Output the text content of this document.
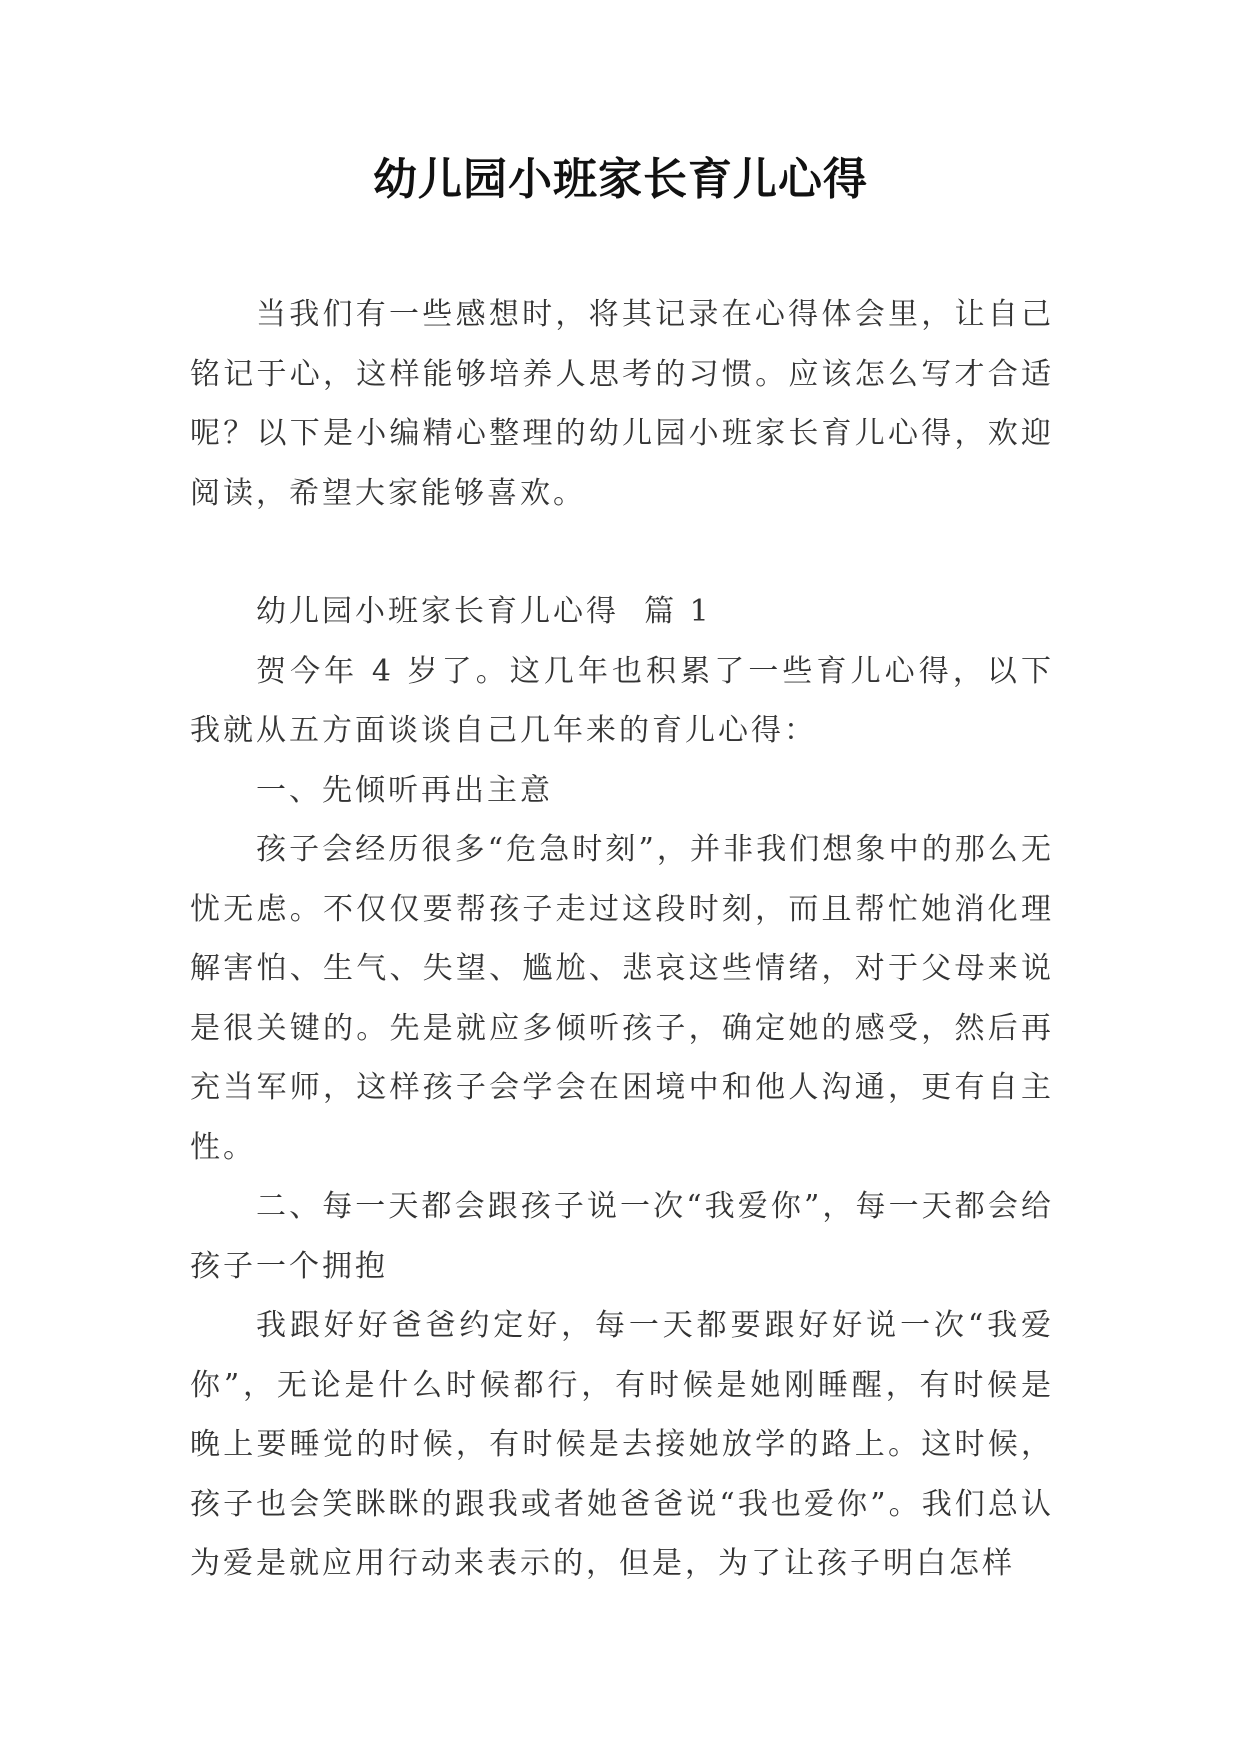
幼儿园小班家长育儿心得

当我们有一些感想时，将其记录在心得体会里，让自己铭记于心，这样能够培养人思考的习惯。应该怎么写才合适呢？以下是小编精心整理的幼儿园小班家长育儿心得，欢迎阅读，希望大家能够喜欢。

幼儿园小班家长育儿心得  篇 1

贺今年 4 岁了。这几年也积累了一些育儿心得，以下我就从五方面谈谈自己几年来的育儿心得：

一、先倾听再出主意

孩子会经历很多“危急时刻”，并非我们想象中的那么无忧无虑。不仅仅要帮孩子走过这段时刻，而且帮忙她消化理解害怕、生气、失望、尴尬、悲哀这些情绪，对于父母来说是很关键的。先是就应多倾听孩子，确定她的感受，然后再充当军师，这样孩子会学会在困境中和他人沟通，更有自主性。

二、每一天都会跟孩子说一次“我爱你”，每一天都会给孩子一个拥抱

我跟好好爸爸约定好，每一天都要跟好好说一次“我爱你”，无论是什么时候都行，有时候是她刚睡醒，有时候是晚上要睡觉的时候，有时候是去接她放学的路上。这时候，孩子也会笑眯眯的跟我或者她爸爸说“我也爱你”。我们总认为爱是就应用行动来表示的，但是，为了让孩子明白怎样
